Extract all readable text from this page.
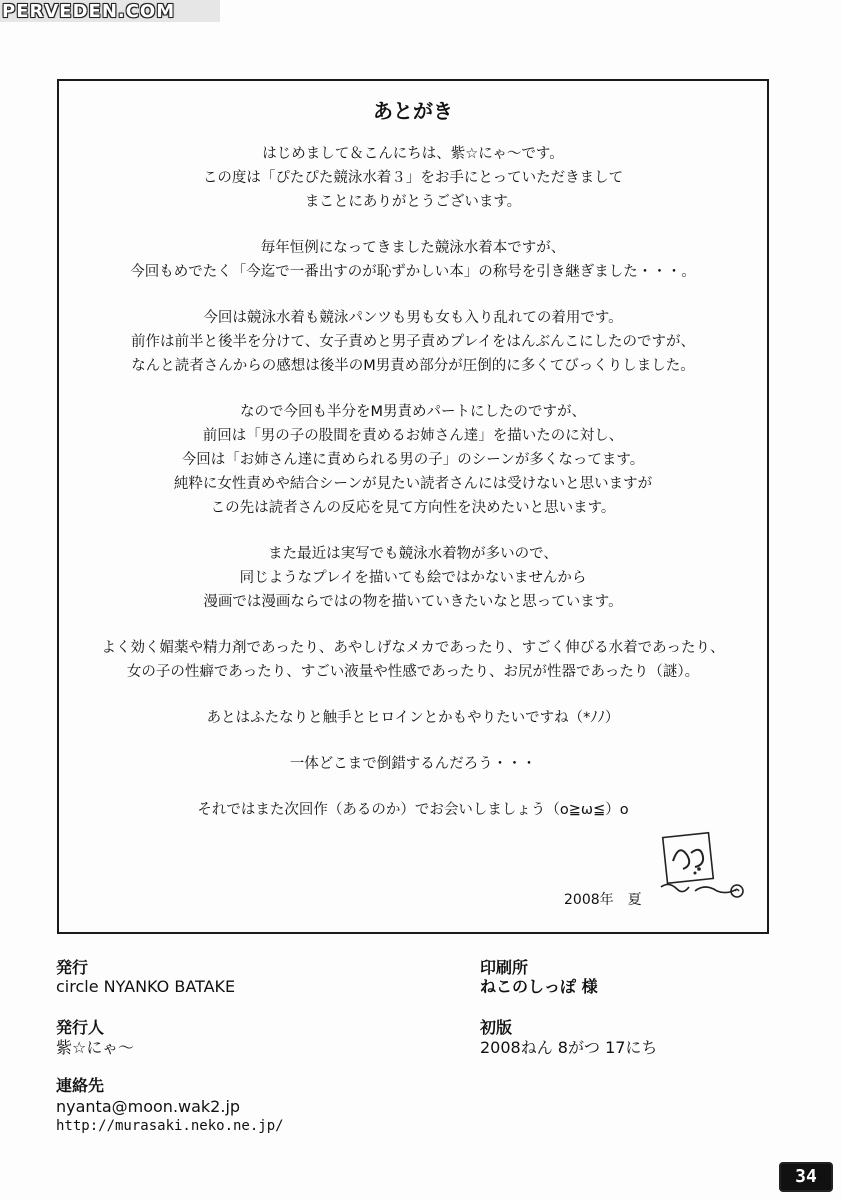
PERVEDEN.COM
あとがき
はじめまして＆こんにちは、紫☆にゃ～です。
この度は「ぴたぴた競泳水着３」をお手にとっていただきまして
まことにありがとうございます。
毎年恒例になってきました競泳水着本ですが、
今回もめでたく「今迄で一番出すのが恥ずかしい本」の称号を引き継ぎました・・・。
今回は競泳水着も競泳パンツも男も女も入り乱れての着用です。
前作は前半と後半を分けて、女子責めと男子責めプレイをはんぶんこにしたのですが、
なんと読者さんからの感想は後半のM男責め部分が圧倒的に多くてびっくりしました。
なので今回も半分をM男責めパートにしたのですが、
前回は「男の子の股間を責めるお姉さん達」を描いたのに対し、
今回は「お姉さん達に責められる男の子」のシーンが多くなってます。
純粋に女性責めや結合シーンが見たい読者さんには受けないと思いますが
この先は読者さんの反応を見て方向性を決めたいと思います。
また最近は実写でも競泳水着物が多いので、
同じようなプレイを描いても絵ではかないませんから
漫画では漫画ならではの物を描いていきたいなと思っています。
よく効く媚薬や精力剤であったり、あやしげなメカであったり、すごく伸びる水着であったり、
女の子の性癖であったり、すごい液量や性感であったり、お尻が性器であったり（謎）。
あとはふたなりと触手とヒロインとかもやりたいですね（*ﾉﾉ）
一体どこまで倒錯するんだろう・・・
それではまた次回作（あるのか）でお会いしましょう（o≧ω≦）o
2008年　夏
発行
circle NYANKO BATAKE
発行人
紫☆にゃ～
連絡先
nyanta@moon.wak2.jp
http://murasaki.neko.ne.jp/
印刷所
ねこのしっぽ 様
初版
2008ねん 8がつ 17にち
34
